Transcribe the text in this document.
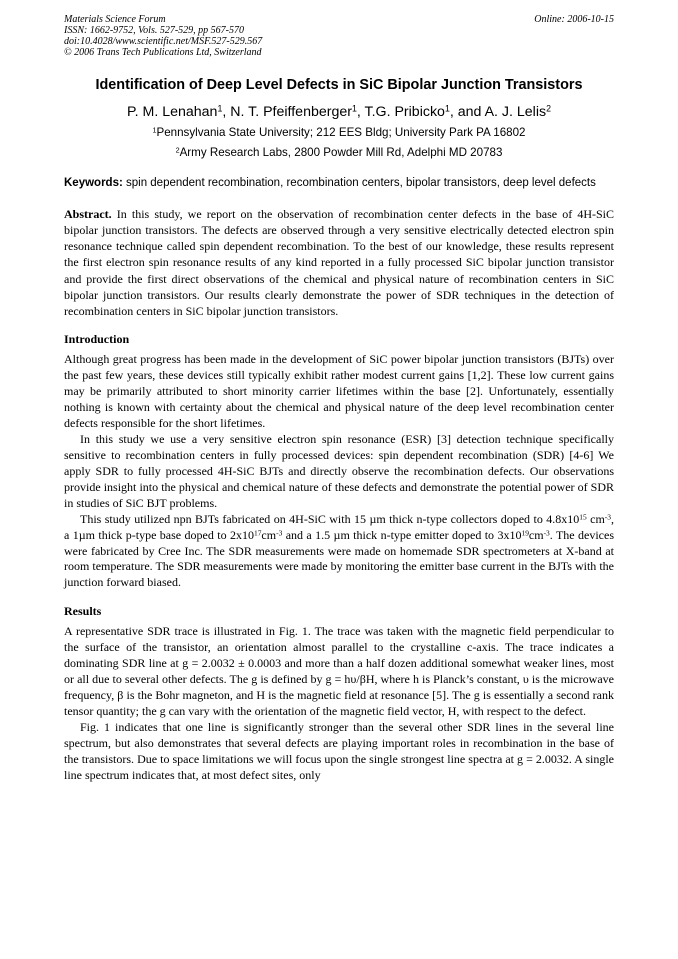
Materials Science Forum
ISSN: 1662-9752, Vols. 527-529, pp 567-570
doi:10.4028/www.scientific.net/MSF.527-529.567
© 2006 Trans Tech Publications Ltd, Switzerland
Online: 2006-10-15
Identification of Deep Level Defects in SiC Bipolar Junction Transistors
P. M. Lenahan$^1$, N. T. Pfeiffenberger$^1$, T.G. Pribicko$^1$, and A. J. Lelis$^2$
$^1$Pennsylvania State University; 212 EES Bldg; University Park PA 16802
$^2$Army Research Labs, 2800 Powder Mill Rd, Adelphi MD 20783
Keywords: spin dependent recombination, recombination centers, bipolar transistors, deep level defects
Abstract. In this study, we report on the observation of recombination center defects in the base of 4H-SiC bipolar junction transistors. The defects are observed through a very sensitive electrically detected electron spin resonance technique called spin dependent recombination. To the best of our knowledge, these results represent the first electron spin resonance results of any kind reported in a fully processed SiC bipolar junction transistor and provide the first direct observations of the chemical and physical nature of recombination centers in SiC bipolar junction transistors. Our results clearly demonstrate the power of SDR techniques in the detection of recombination centers in SiC bipolar junction transistors.
Introduction

Although great progress has been made in the development of SiC power bipolar junction transistors (BJTs) over the past few years, these devices still typically exhibit rather modest current gains [1,2]. These low current gains may be primarily attributed to short minority carrier lifetimes within the base [2]. Unfortunately, essentially nothing is known with certainty about the chemical and physical nature of the deep level recombination center defects responsible for the short lifetimes.

In this study we use a very sensitive electron spin resonance (ESR) [3] detection technique specifically sensitive to recombination centers in fully processed devices: spin dependent recombination (SDR) [4-6] We apply SDR to fully processed 4H-SiC BJTs and directly observe the recombination defects. Our observations provide insight into the physical and chemical nature of these defects and demonstrate the potential power of SDR in studies of SiC BJT problems.

This study utilized npn BJTs fabricated on 4H-SiC with 15 µm thick n-type collectors doped to $4.8x10^{15}$ $cm^{-3}$, a 1µm thick p-type base doped to $2x10^{17}cm^{-3}$ and a 1.5 µm thick n-type emitter doped to $3x10^{19}cm^{-3}$. The devices were fabricated by Cree Inc. The SDR measurements were made on homemade SDR spectrometers at X-band at room temperature. The SDR measurements were made by monitoring the emitter base current in the BJTs with the junction forward biased.

Results

A representative SDR trace is illustrated in Fig. 1. The trace was taken with the magnetic field perpendicular to the surface of the transistor, an orientation almost parallel to the crystalline c-axis. The trace indicates a dominating SDR line at g = 2.0032 ± 0.0003 and more than a half dozen additional somewhat weaker lines, most or all due to several other defects. The g is defined by g = hυ/βH, where h is Planck’s constant, υ is the microwave frequency, β is the Bohr magneton, and H is the magnetic field at resonance [5]. The g is essentially a second rank tensor quantity; the g can vary with the orientation of the magnetic field vector, H, with respect to the defect.

Fig. 1 indicates that one line is significantly stronger than the several other SDR lines in the several line spectrum, but also demonstrates that several defects are playing important roles in recombination in the base of the transistors. Due to space limitations we will focus upon the single strongest line spectra at g = 2.0032. A single line spectrum indicates that, at most defect sites, only
